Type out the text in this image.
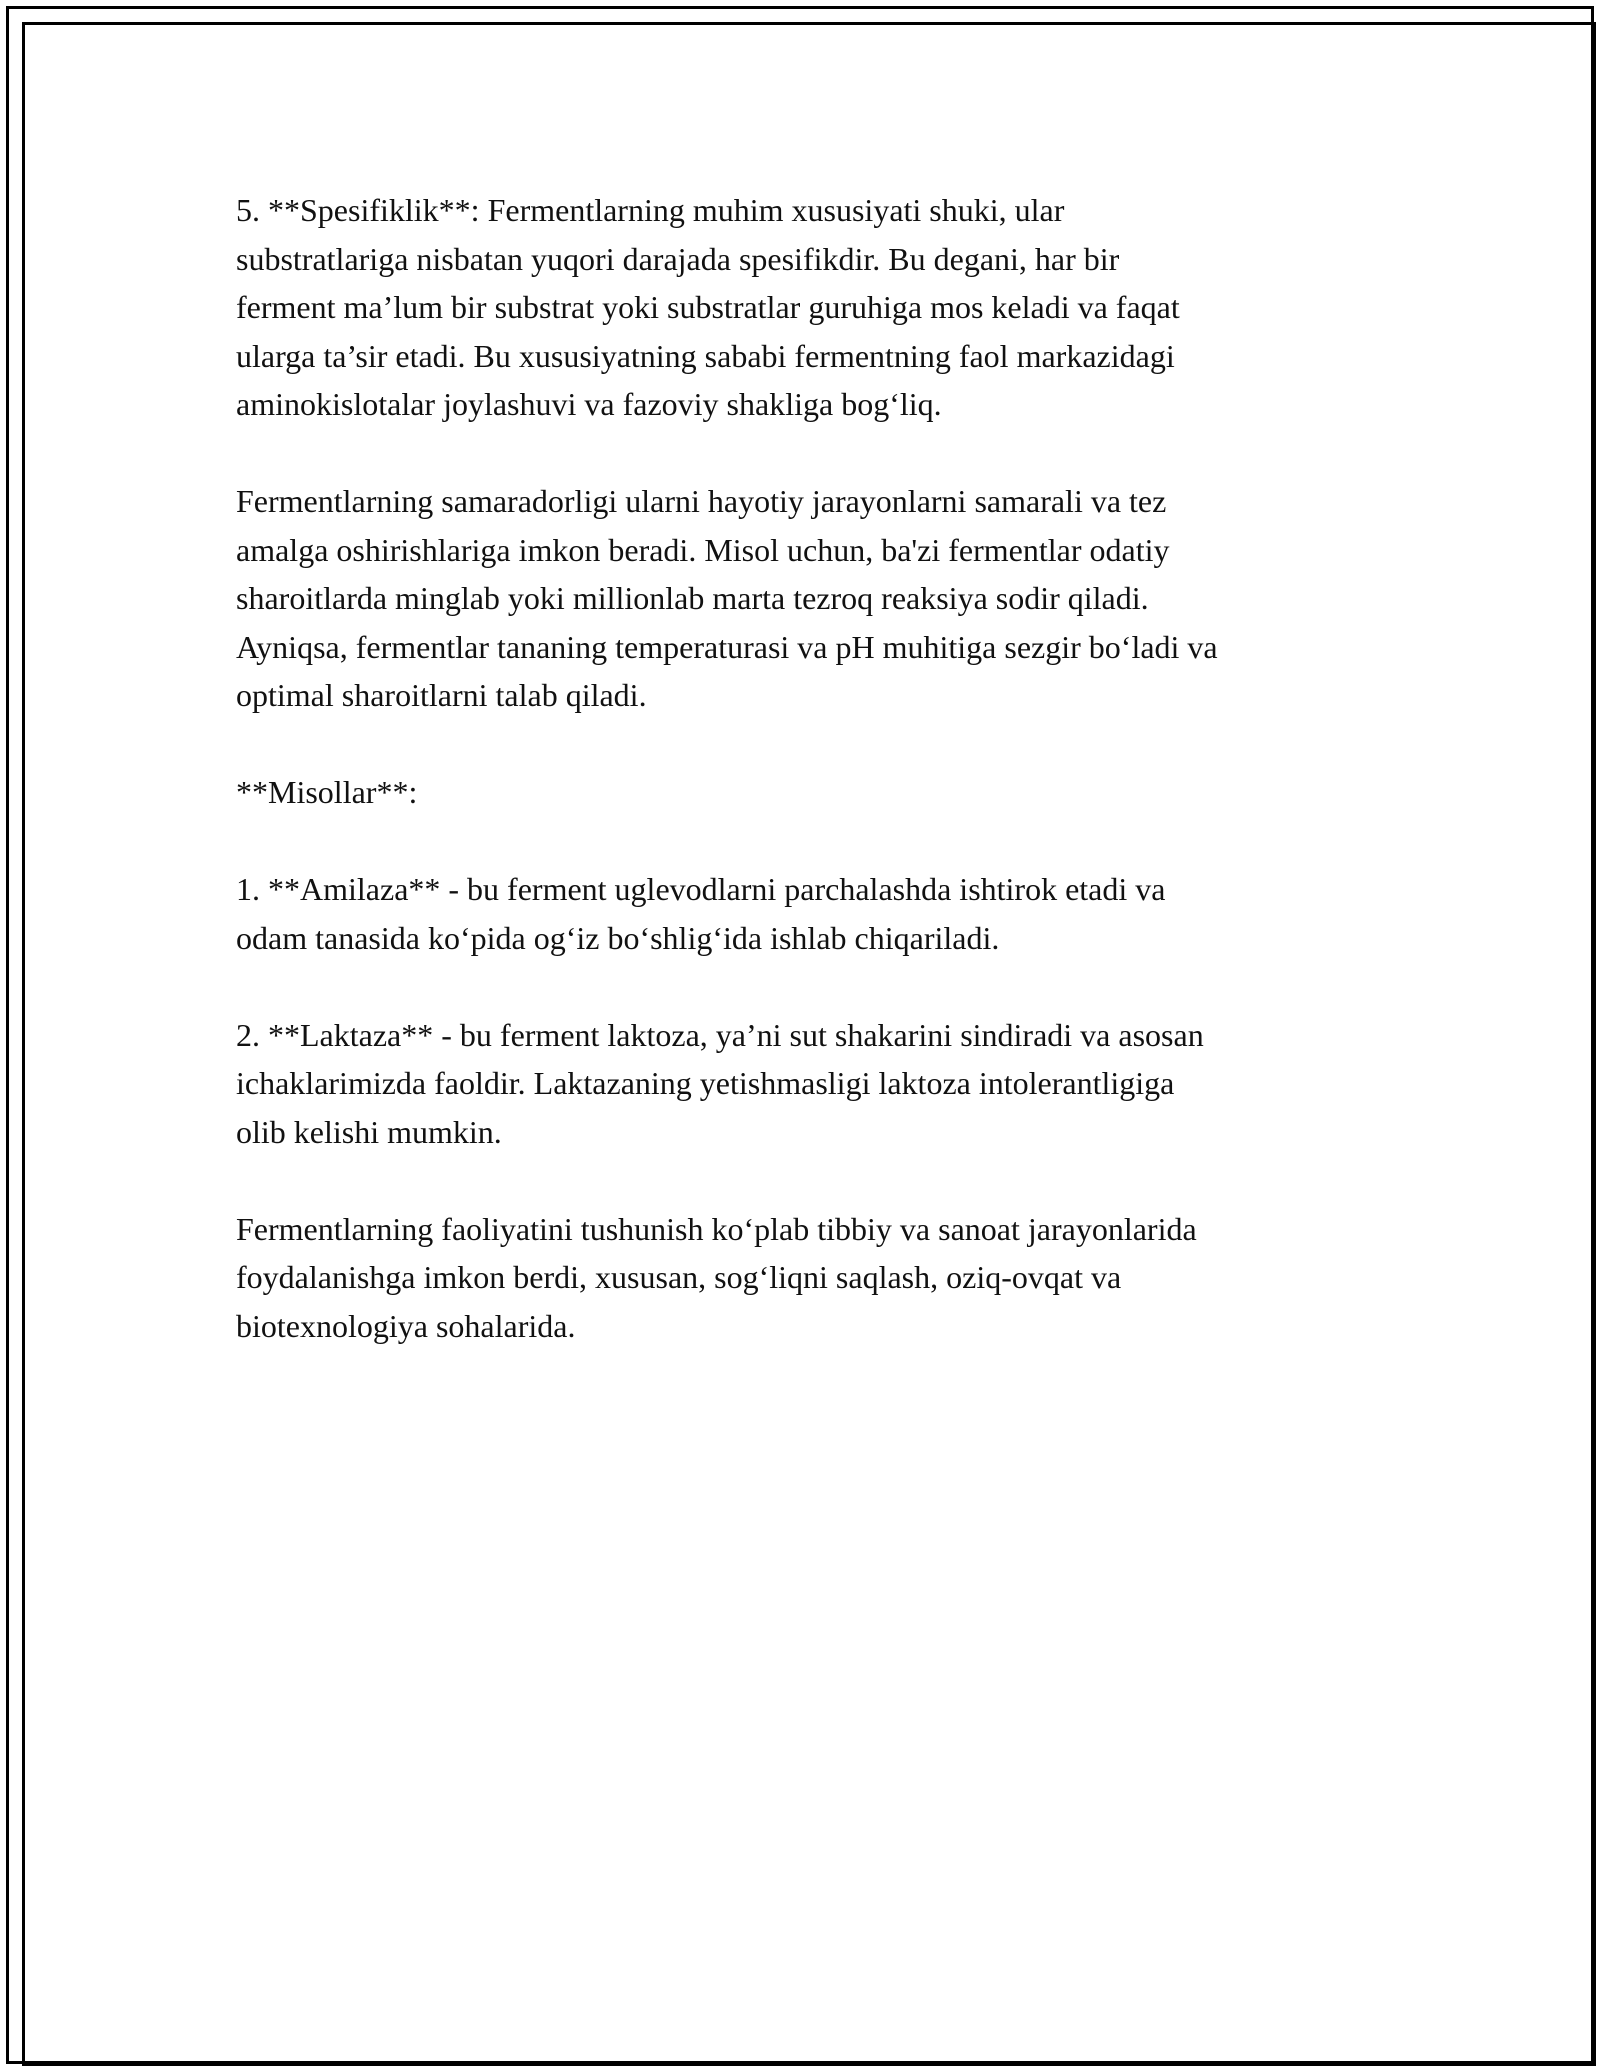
5. **Spesifiklik**: Fermentlarning muhim xususiyati shuki, ular
substratlariga nisbatan yuqori darajada spesifikdir. Bu degani, har bir
ferment ma’lum bir substrat yoki substratlar guruhiga mos keladi va faqat
ularga ta’sir etadi. Bu xususiyatning sababi fermentning faol markazidagi
aminokislotalar joylashuvi va fazoviy shakliga bog‘liq.

Fermentlarning samaradorligi ularni hayotiy jarayonlarni samarali va tez
amalga oshirishlariga imkon beradi. Misol uchun, ba'zi fermentlar odatiy
sharoitlarda minglab yoki millionlab marta tezroq reaksiya sodir qiladi.
Ayniqsa, fermentlar tananing temperaturasi va pH muhitiga sezgir bo‘ladi va
optimal sharoitlarni talab qiladi.

**Misollar**:

1. **Amilaza** - bu ferment uglevodlarni parchalashda ishtirok etadi va
odam tanasida ko‘pida og‘iz bo‘shlig‘ida ishlab chiqariladi.

2. **Laktaza** - bu ferment laktoza, ya’ni sut shakarini sindiradi va asosan
ichaklarimizda faoldir. Laktazaning yetishmasligi laktoza intolerantligiga
olib kelishi mumkin.

Fermentlarning faoliyatini tushunish ko‘plab tibbiy va sanoat jarayonlarida
foydalanishga imkon berdi, xususan, sog‘liqni saqlash, oziq-ovqat va
biotexnologiya sohalarida.
